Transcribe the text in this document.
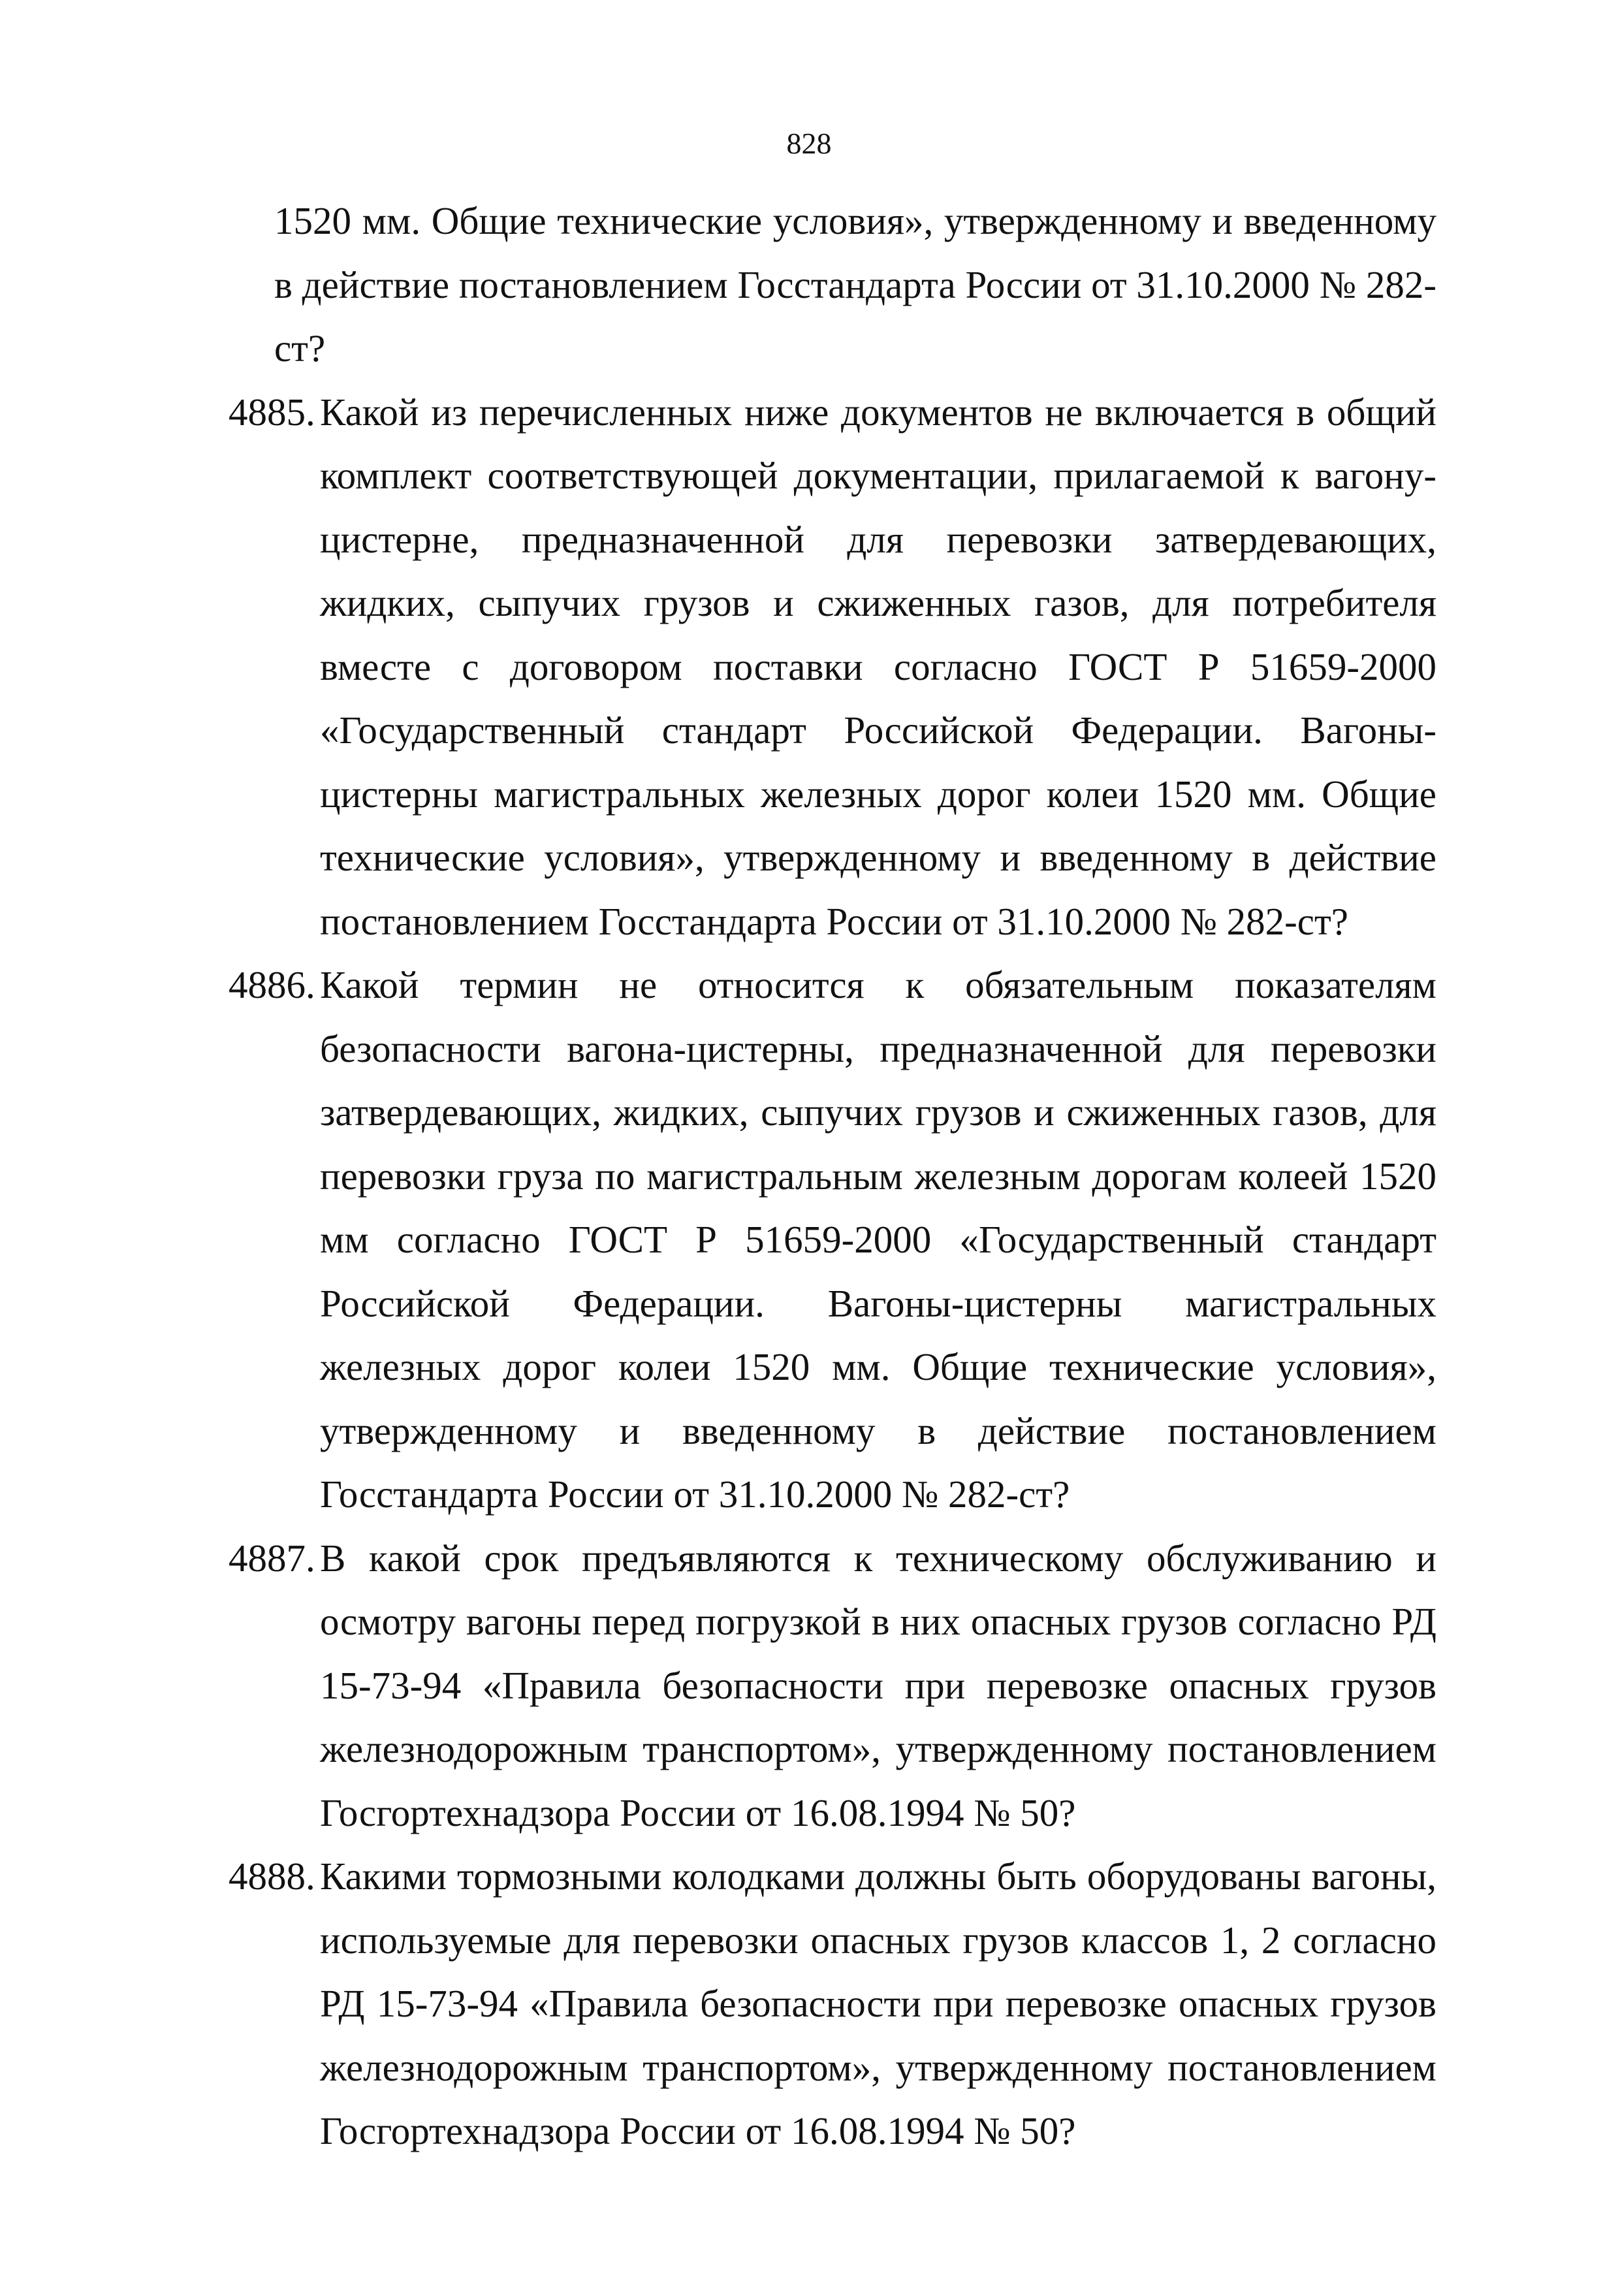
828

1520 мм. Общие технические условия», утвержденному и введенному в действие постановлением Госстандарта России от 31.10.2000 № 282-ст?

4885. Какой из перечисленных ниже документов не включается в общий комплект соответствующей документации, прилагаемой к вагону-цистерне, предназначенной для перевозки затвердевающих, жидких, сыпучих грузов и сжиженных газов, для потребителя вместе с договором поставки согласно ГОСТ Р 51659-2000 «Государственный стандарт Российской Федерации. Вагоны-цистерны магистральных железных дорог колеи 1520 мм. Общие технические условия», утвержденному и введенному в действие постановлением Госстандарта России от 31.10.2000 № 282-ст?
4886. Какой термин не относится к обязательным показателям безопасности вагона-цистерны, предназначенной для перевозки затвердевающих, жидких, сыпучих грузов и сжиженных газов, для перевозки груза по магистральным железным дорогам колеей 1520 мм согласно ГОСТ Р 51659-2000 «Государственный стандарт Российской Федерации. Вагоны-цистерны магистральных железных дорог колеи 1520 мм. Общие технические условия», утвержденному и введенному в действие постановлением Госстандарта России от 31.10.2000 № 282-ст?
4887. В какой срок предъявляются к техническому обслуживанию и осмотру вагоны перед погрузкой в них опасных грузов согласно РД 15-73-94 «Правила безопасности при перевозке опасных грузов железнодорожным транспортом», утвержденному постановлением Госгортехнадзора России от 16.08.1994 № 50?
4888. Какими тормозными колодками должны быть оборудованы вагоны, используемые для перевозки опасных грузов классов 1, 2 согласно РД 15-73-94 «Правила безопасности при перевозке опасных грузов железнодорожным транспортом», утвержденному постановлением Госгортехнадзора России от 16.08.1994 № 50?
